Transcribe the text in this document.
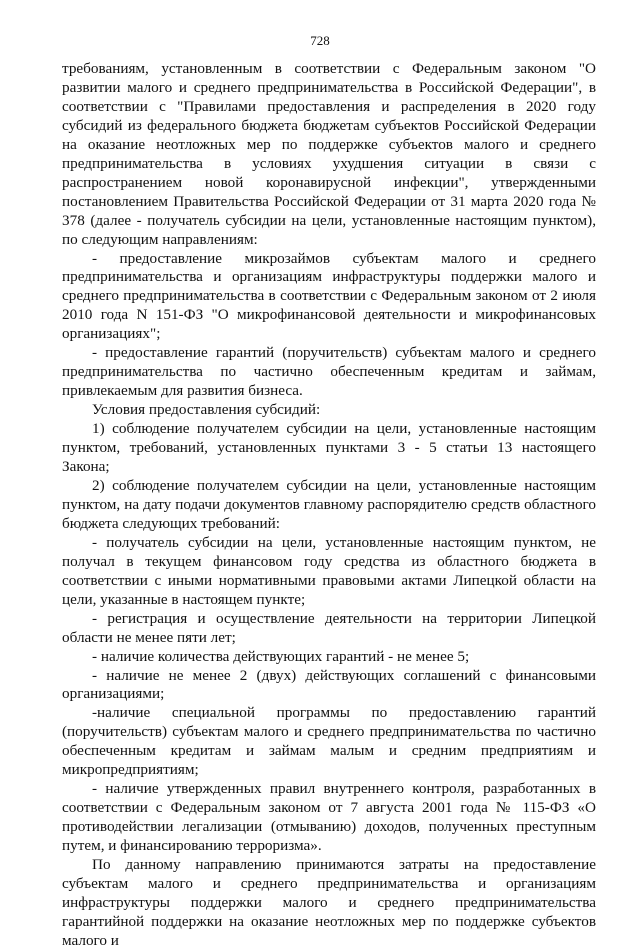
728

требованиям, установленным в соответствии с Федеральным законом "О развитии малого и среднего предпринимательства в Российской Федерации", в соответствии с "Правилами предоставления и распределения в 2020 году субсидий из федерального бюджета бюджетам субъектов Российской Федерации на оказание неотложных мер по поддержке субъектов малого и среднего предпринимательства в условиях ухудшения ситуации в связи с распространением новой коронавирусной инфекции", утвержденными постановлением Правительства Российской Федерации от 31 марта 2020 года № 378 (далее - получатель субсидии на цели, установленные настоящим пунктом), по следующим направлениям:

- предоставление микрозаймов субъектам малого и среднего предпринимательства и организациям инфраструктуры поддержки малого и среднего предпринимательства в соответствии с Федеральным законом от 2 июля 2010 года N 151-ФЗ "О микрофинансовой деятельности и микрофинансовых организациях";

- предоставление гарантий (поручительств) субъектам малого и среднего предпринимательства по частично обеспеченным кредитам и займам, привлекаемым для развития бизнеса.

Условия предоставления субсидий:

1) соблюдение получателем субсидии на цели, установленные настоящим пунктом, требований, установленных пунктами 3 - 5 статьи 13 настоящего Закона;

2) соблюдение получателем субсидии на цели, установленные настоящим пунктом, на дату подачи документов главному распорядителю средств областного бюджета следующих требований:

- получатель субсидии на цели, установленные настоящим пунктом, не получал в текущем финансовом году средства из областного бюджета в соответствии с иными нормативными правовыми актами Липецкой области на цели, указанные в настоящем пункте;

- регистрация и осуществление деятельности на территории Липецкой области не менее пяти лет;

- наличие количества действующих гарантий - не менее 5;

- наличие не менее 2 (двух) действующих соглашений с финансовыми организациями;

-наличие специальной программы по предоставлению гарантий (поручительств) субъектам малого и среднего предпринимательства по частично обеспеченным кредитам и займам малым и средним предприятиям и микропредприятиям;

- наличие утвержденных правил внутреннего контроля, разработанных в соответствии с Федеральным законом от 7 августа 2001 года № 115-ФЗ «О противодействии легализации (отмыванию) доходов, полученных преступным путем, и финансированию терроризма».

По данному направлению принимаются затраты на предоставление субъектам малого и среднего предпринимательства и организациям инфраструктуры поддержки малого и среднего предпринимательства гарантийной поддержки на оказание неотложных мер по поддержке субъектов малого и
